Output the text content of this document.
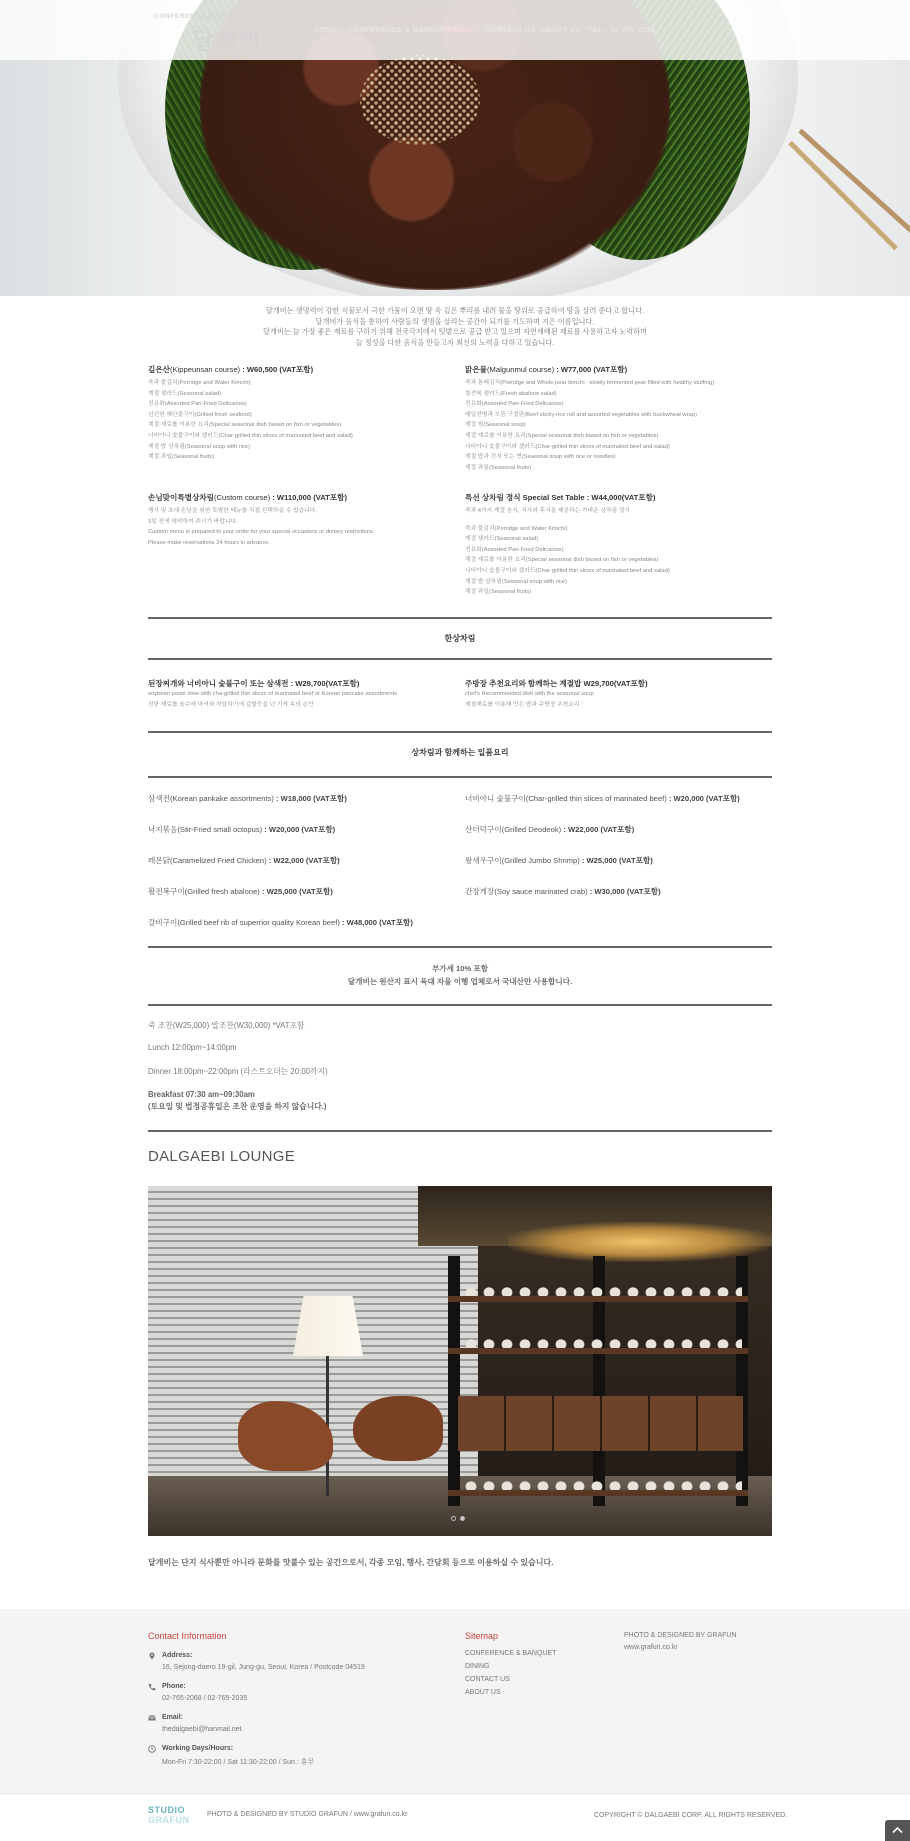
달개비는 생명력이 강한 식물로서 극한 가뭄이 오면 땅 속 깊은 뿌리를 내려 물을 땅위로 공급하여 땅을 살려 준다고 합니다.
달개비가 음식을 통하여 사람들의 생명을 살리는 공간이 되기를 기도하며 지은 이름입니다.
달개비는 늘 가장 좋은 재료를 구하기 위해 전국각지에서 텃밭으로 공급 받고 있으며 자연재배된 재료를 사용하고자 노력하며
늘 정성을 다한 음식을 만들고자 최선의 노력을 다하고 있습니다.
깊은산(Kippeunsan course) : W60,500 (VAT포함)
죽과 물김치(Porridge and Water Kimchi)
계절 샐러드(Seasonal salad)
전유화(Assorted Pan-Fried Delicacies)
신선한 해산물구이(Grilled fresh seafood)
계절 재료를 이용한 요리(Special seasonal dish based on fish or vegetables)
너비아니 숯불구이와 샐러드(Char-grilled thin slices of marinated beef and salad)
계절 밥 상차림(Seasonal soup with rice)
계절 과일(Seasonal fruits)
맑은물(Malgunmul course) : W77,000 (VAT포함)
죽과 통배김치(Porridge and Whole pear kimchi : slowly fermented pear filled with healthy stuffing)
힐전복 샐러드(Fresh abalone salad)
전유화(Assorted Pan-Fried Delicacies)
메밀전병과 모둠 구절판(Beef sticky-rice roll and assorted vegetables with buckwheat wrap)
계절 찜(Seasonal soup)
계절 재료를 이용한 요리(Special seasonal dish based on fish or vegetables)
너비아니 숯불구이와 샐러드(Char-grilled thin slices of marinated beef and salad)
계절 밥과 진지 또는 면(Seasonal soup with rice or noodles)
계절 과일(Seasonal fruits)
손님맞이특별상차림(Custom course) : W110,000 (VAT포함)
행사 및 초대 손님을 위한 특별한 메뉴를 직접 선택하실 수 있습니다.
3일 전에 예약하여 주시기 바랍니다.
Custom menu is prepared to your order for your special occasions or dietary restrictions.
Please make reservations 24 hours in advance.
특선 상차림 정식 Special Set Table : W44,000(VAT포함)
죽과 4가지 계절 음식, 식사와 후식을 제공하는 가벼운 상차림 정식
죽과 물김치(Porridge and Water Kimchi)
계절 샐러드(Seasonal salad)
전유화(Assorted Pan-Fried Delicacies)
계절 재료를 이용한 요리(Special seasonal dish based on fish or vegetables)
너비아니 숯불구이와 샐러드(Char-grilled thin slices of marinated beef and salad)
계절 밥 상차림(Seasonal soup with rice)
계절 과일(Seasonal fruits)
한상차림
된장찌개와 너비아니 숯불구이 또는 삼색전 : W29,700(VAT포함)
soybean paste stew with cha-grilled thin slices of marinated beef or Korean pancake assortments
진한 재료를 육수에 마셔와 자들하기에 깊할듯을 넌 기씩 속의 손만
주방장 추천요리와 함께하는 계절밥 W29,700(VAT포함)
chef's Recommended dish with the seasonal soup
제철재료를 이용해 만든 밥과 주방장 추천요리
상차림과 함께하는 일품요리
삼색전(Korean pankake assortments) : W18,000 (VAT포함)	너비아니 숯불구이(Char-grilled thin slices of marinated beef) : W20,000 (VAT포함)
낙지볶음(Stir-Fried small octopus) : W20,000 (VAT포함)	산더덕구이(Grilled Deodeok) : W22,000 (VAT포함)
레몬닭(Caramelized Fried Chicken) : W22,000 (VAT포함)	왕새우구이(Grilled Jumbo Shrimp) : W25,000 (VAT포함)
활전복구이(Grilled fresh abalone) : W25,000 (VAT포함)	간장게장(Soy sauce marinated crab) : W30,000 (VAT포함)
갈비구이(Grilled beef rib of superrior quality Korean beef) : W48,000 (VAT포함)
부가세 10% 포함
달개비는 원산지 표시 육대 자율 이행 업체로서 국내산만 사용합니다.
죽 조찬(W25,000) 밥조찬(W30,000) *VAT포함
Lunch 12:00pm~14:00pm
Dinner 18:00pm~22:00pm (라스트오더는 20:00까지)
Breakfast 07:30 am~09:30am
(토요일 및 법정공휴일은 조찬 운영을 하지 않습니다.)
DALGAEBI LOUNGE
달개비는 단지 식사뿐만 아니라 문화를 맛볼수 있는 공간으로서, 각종 모임, 행사, 간담회 등으로 이용하실 수 있습니다.
Contact Information
Address:
16, Sejong-daero 19-gil, Jung-gu, Seoul, Korea / Postcode 04519
Phone:
02-765-2068 / 02-765-2035
Email:
thedalgaebi@hanmail.net
Working Days/Hours:
Mon-Fri 7:30-22:00 / Sat 11:30-22:00 / Sun : 휴무
Sitemap
CONFERENCE & BANQUET
DINING
CONTACT US
ABOUT US
PHOTO & DESIGNED BY GRAFUN
www.grafun.co.kr
STUDIO
GRAFUN
PHOTO & DESIGNED BY STUDIO GRAFUN / www.grafun.co.kr	COPYRIGHT © DALGAEBI CORP. ALL RIGHTS RESERVED.
